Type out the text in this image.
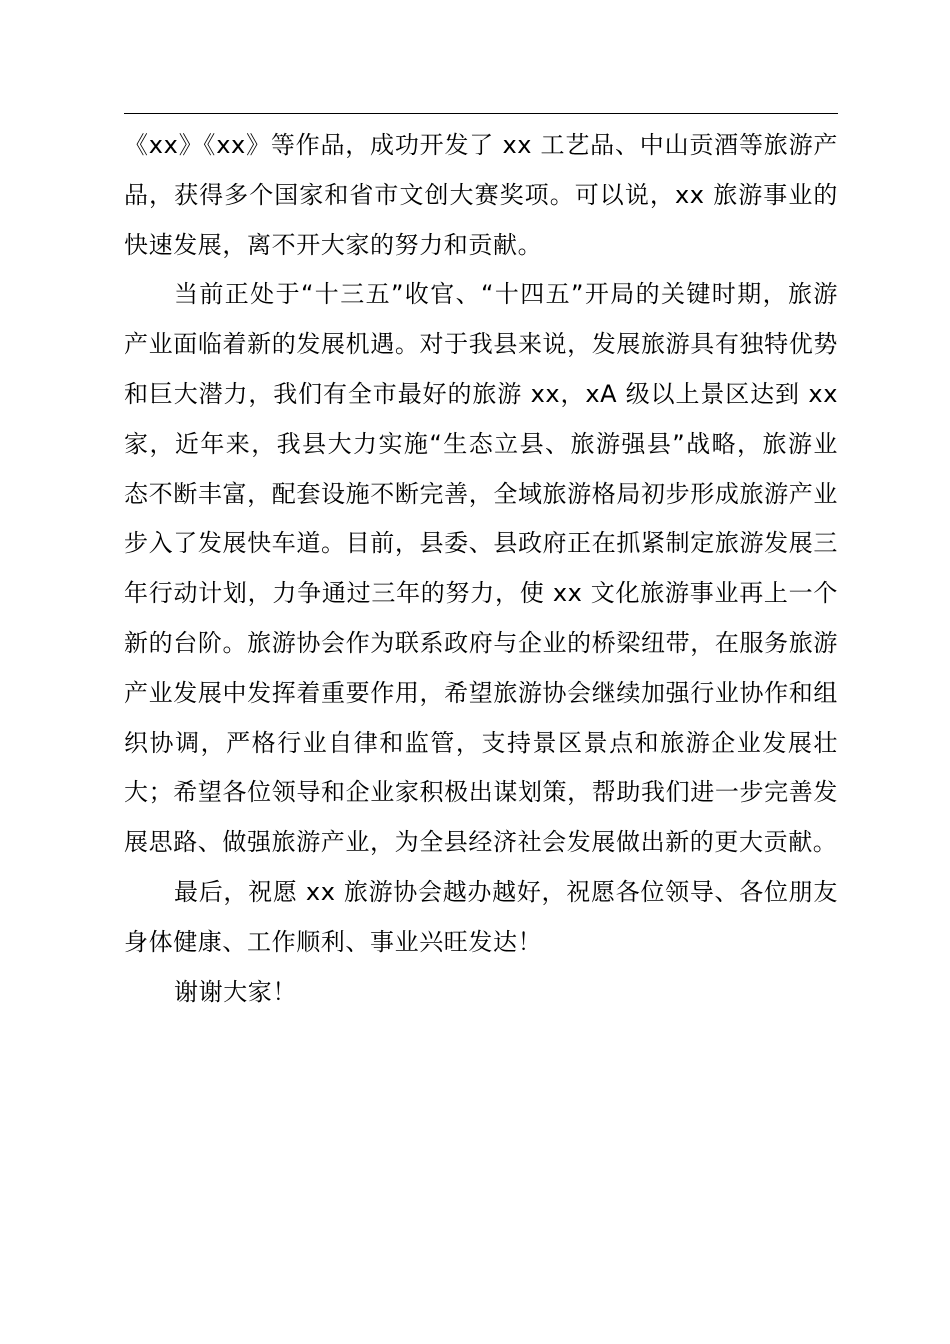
《xx》《xx》等作品，成功开发了 xx 工艺品、中山贡酒等旅游产品，获得多个国家和省市文创大赛奖项。可以说，xx 旅游事业的快速发展，离不开大家的努力和贡献。

当前正处于“十三五”收官、“十四五”开局的关键时期，旅游产业面临着新的发展机遇。对于我县来说，发展旅游具有独特优势和巨大潜力，我们有全市最好的旅游 xx，xA 级以上景区达到 xx 家，近年来，我县大力实施“生态立县、旅游强县”战略，旅游业态不断丰富，配套设施不断完善，全域旅游格局初步形成旅游产业步入了发展快车道。目前，县委、县政府正在抓紧制定旅游发展三年行动计划，力争通过三年的努力，使 xx 文化旅游事业再上一个新的台阶。旅游协会作为联系政府与企业的桥梁纽带，在服务旅游产业发展中发挥着重要作用，希望旅游协会继续加强行业协作和组织协调，严格行业自律和监管，支持景区景点和旅游企业发展壮大；希望各位领导和企业家积极出谋划策，帮助我们进一步完善发展思路、做强旅游产业，为全县经济社会发展做出新的更大贡献。

最后，祝愿 xx 旅游协会越办越好，祝愿各位领导、各位朋友身体健康、工作顺利、事业兴旺发达！

谢谢大家！
